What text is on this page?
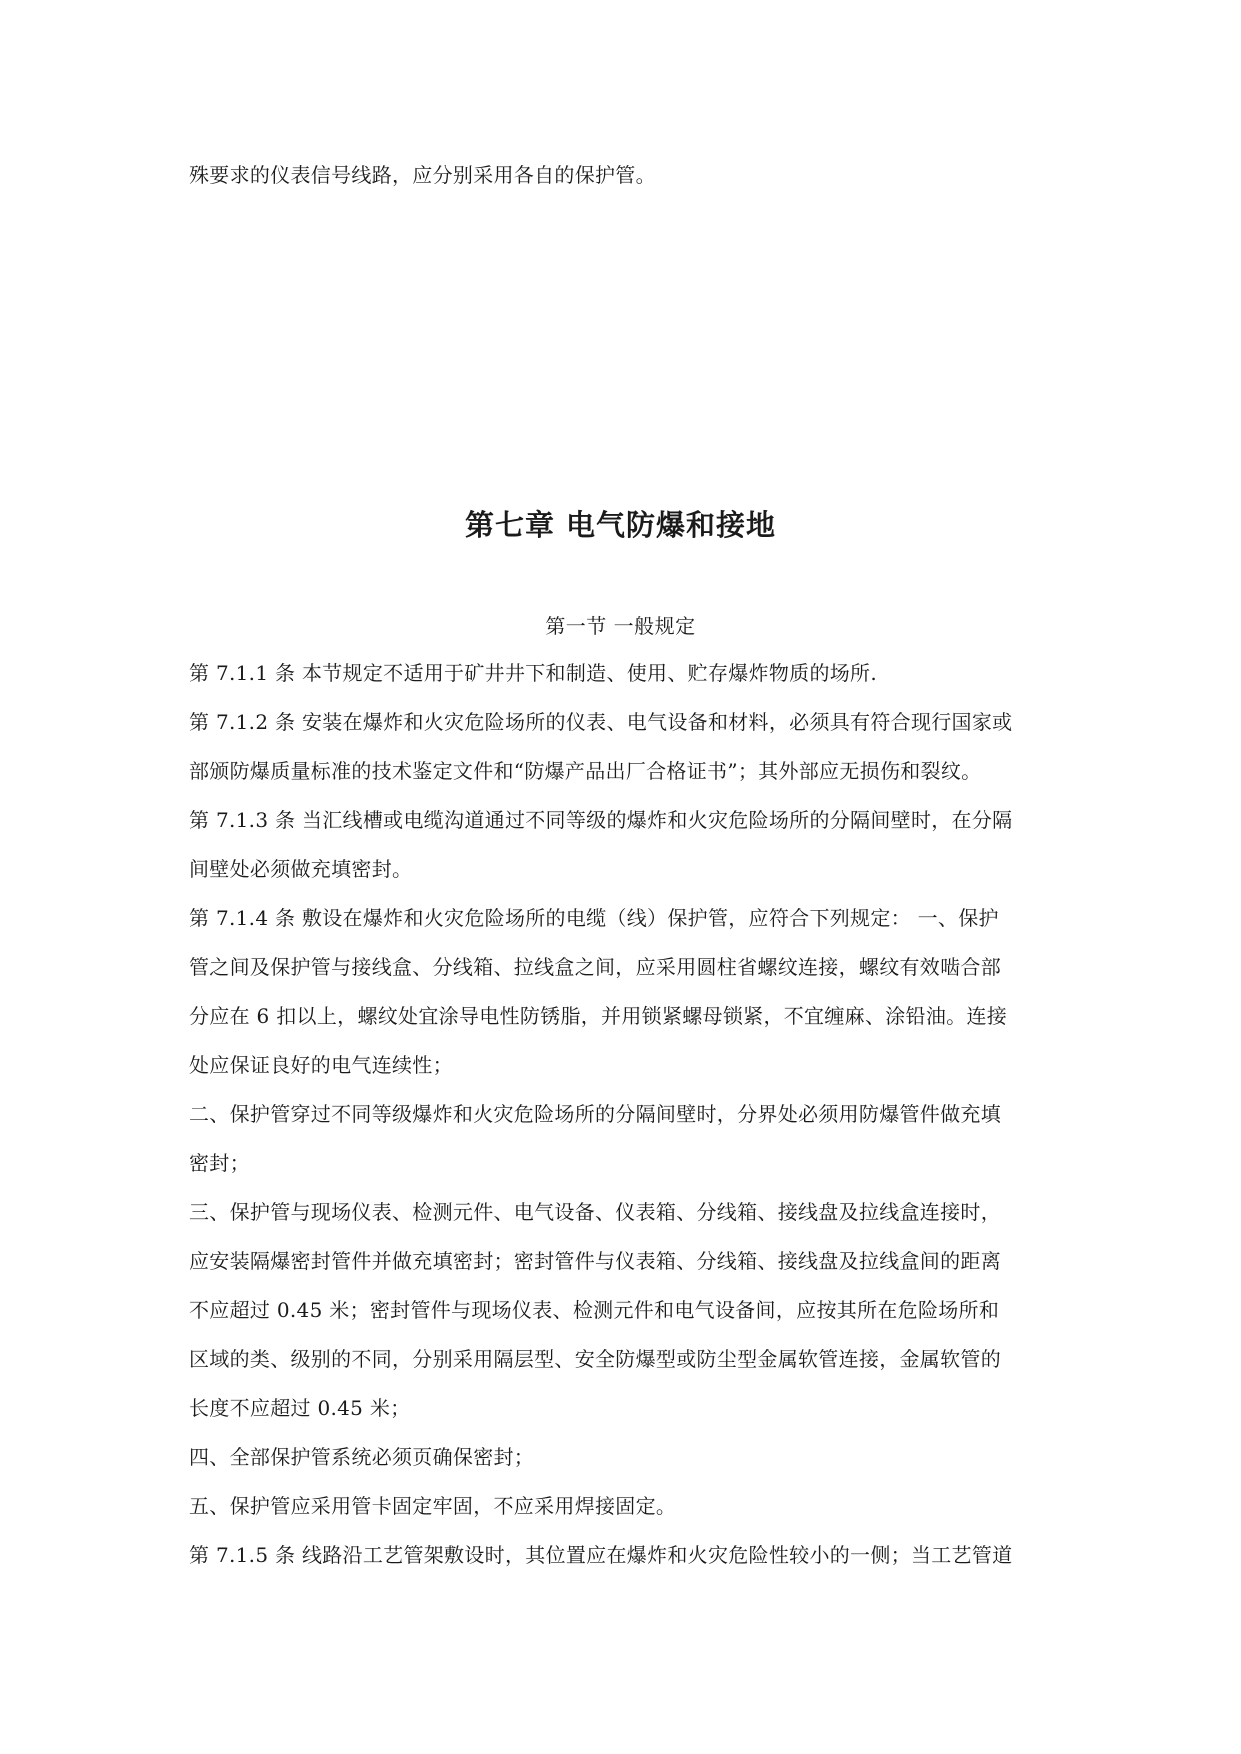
殊要求的仪表信号线路，应分别采用各自的保护管。
第七章 电气防爆和接地
第一节 一般规定
第 7.1.1 条 本节规定不适用于矿井井下和制造、使用、贮存爆炸物质的场所.
第 7.1.2 条 安装在爆炸和火灾危险场所的仪表、电气设备和材料，必须具有符合现行国家或
部颁防爆质量标准的技术鉴定文件和“防爆产品出厂合格证书”；其外部应无损伤和裂纹。
第 7.1.3 条 当汇线槽或电缆沟道通过不同等级的爆炸和火灾危险场所的分隔间壁时，在分隔
间壁处必须做充填密封。
第 7.1.4 条 敷设在爆炸和火灾危险场所的电缆（线）保护管，应符合下列规定： 一、保护
管之间及保护管与接线盒、分线箱、拉线盒之间，应采用圆柱省螺纹连接，螺纹有效啮合部
分应在 6 扣以上，螺纹处宜涂导电性防锈脂，并用锁紧螺母锁紧，不宜缠麻、涂铅油。连接
处应保证良好的电气连续性；
二、保护管穿过不同等级爆炸和火灾危险场所的分隔间壁时，分界处必须用防爆管件做充填
密封；
三、保护管与现场仪表、检测元件、电气设备、仪表箱、分线箱、接线盘及拉线盒连接时，
应安装隔爆密封管件并做充填密封；密封管件与仪表箱、分线箱、接线盘及拉线盒间的距离
不应超过 0.45 米；密封管件与现场仪表、检测元件和电气设备间，应按其所在危险场所和
区域的类、级别的不同，分别采用隔层型、安全防爆型或防尘型金属软管连接，金属软管的
长度不应超过 0.45 米；
四、全部保护管系统必须页确保密封；
五、保护管应采用管卡固定牢固，不应采用焊接固定。
第 7.1.5 条 线路沿工艺管架敷设时，其位置应在爆炸和火灾危险性较小的一侧；当工艺管道
